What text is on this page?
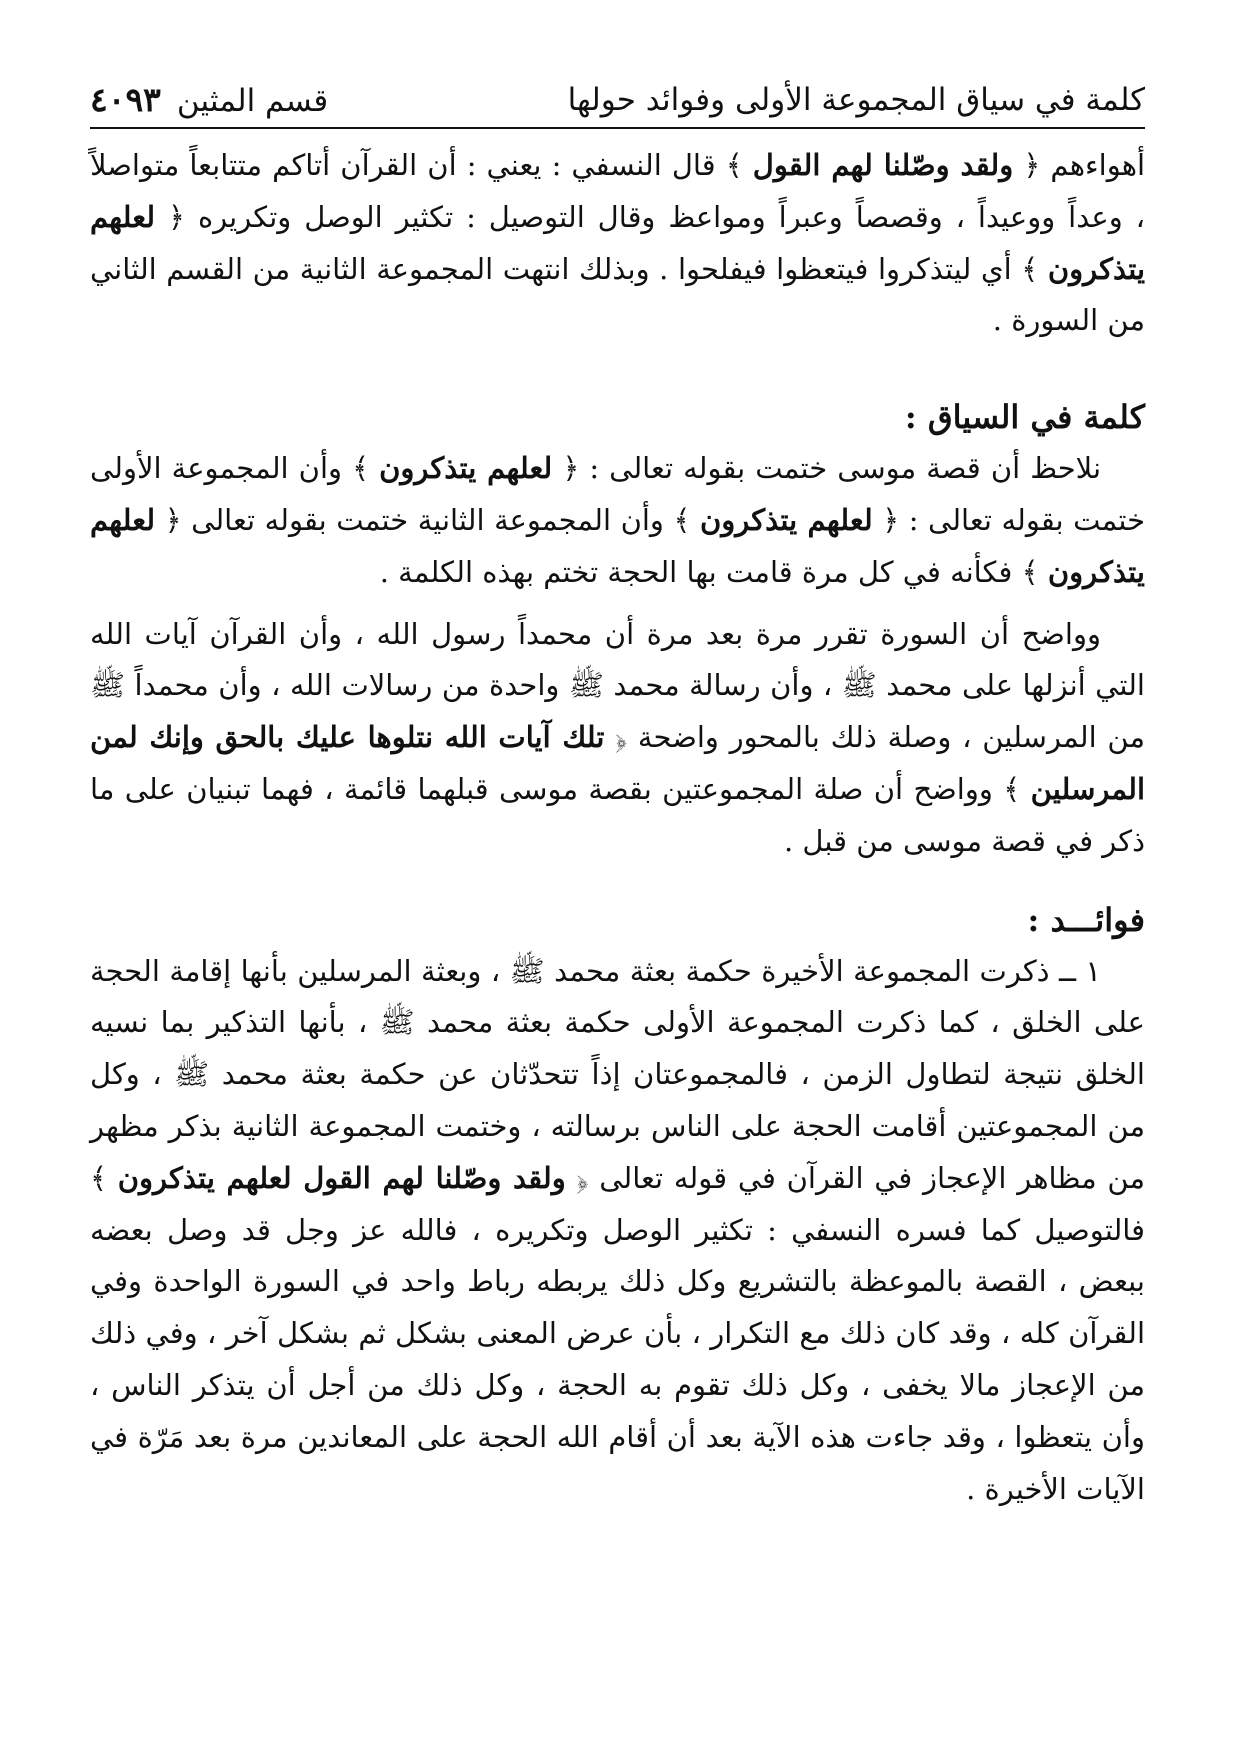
كلمة في سياق المجموعة الأولى وفوائد حولها
قسم المثين
٤٠٩٣

أهواءهم ﴿ ولقد وصّلنا لهم القول ﴾ قال النسفي : يعني : أن القرآن أتاكم متتابعاً متواصلاً ، وعداً ووعيداً ، وقصصاً وعبراً ومواعظ وقال التوصيل : تكثير الوصل وتكريره ﴿ لعلهم يتذكرون ﴾ أي ليتذكروا فيتعظوا فيفلحوا . وبذلك انتهت المجموعة الثانية من القسم الثاني من السورة .

كلمة في السياق :

نلاحظ أن قصة موسى ختمت بقوله تعالى : ﴿ لعلهم يتذكرون ﴾ وأن المجموعة الأولى ختمت بقوله تعالى : ﴿ لعلهم يتذكرون ﴾ وأن المجموعة الثانية ختمت بقوله تعالى ﴿ لعلهم يتذكرون ﴾ فكأنه في كل مرة قامت بها الحجة تختم بهذه الكلمة .

وواضح أن السورة تقرر مرة بعد مرة أن محمداً رسول الله ، وأن القرآن آيات الله التي أنزلها على محمد ﷺ ، وأن رسالة محمد ﷺ واحدة من رسالات الله ، وأن محمداً ﷺ من المرسلين ، وصلة ذلك بالمحور واضحة ﴿ تلك آيات الله نتلوها عليك بالحق وإنك لمن المرسلين ﴾ وواضح أن صلة المجموعتين بقصة موسى قبلهما قائمة ، فهما تبنيان على ما ذكر في قصة موسى من قبل .

فوائـــد :

١ ــ ذكرت المجموعة الأخيرة حكمة بعثة محمد ﷺ ، وبعثة المرسلين بأنها إقامة الحجة على الخلق ، كما ذكرت المجموعة الأولى حكمة بعثة محمد ﷺ ، بأنها التذكير بما نسيه الخلق نتيجة لتطاول الزمن ، فالمجموعتان إذاً تتحدّثان عن حكمة بعثة محمد ﷺ ، وكل من المجموعتين أقامت الحجة على الناس برسالته ، وختمت المجموعة الثانية بذكر مظهر من مظاهر الإعجاز في القرآن في قوله تعالى ﴿ ولقد وصّلنا لهم القول لعلهم يتذكرون ﴾ فالتوصيل كما فسره النسفي : تكثير الوصل وتكريره ، فالله عز وجل قد وصل بعضه ببعض ، القصة بالموعظة بالتشريع وكل ذلك يربطه رباط واحد في السورة الواحدة وفي القرآن كله ، وقد كان ذلك مع التكرار ، بأن عرض المعنى بشكل ثم بشكل آخر ، وفي ذلك من الإعجاز مالا يخفى ، وكل ذلك تقوم به الحجة ، وكل ذلك من أجل أن يتذكر الناس ، وأن يتعظوا ، وقد جاءت هذه الآية بعد أن أقام الله الحجة على المعاندين مرة بعد مَرّة في الآيات الأخيرة .
